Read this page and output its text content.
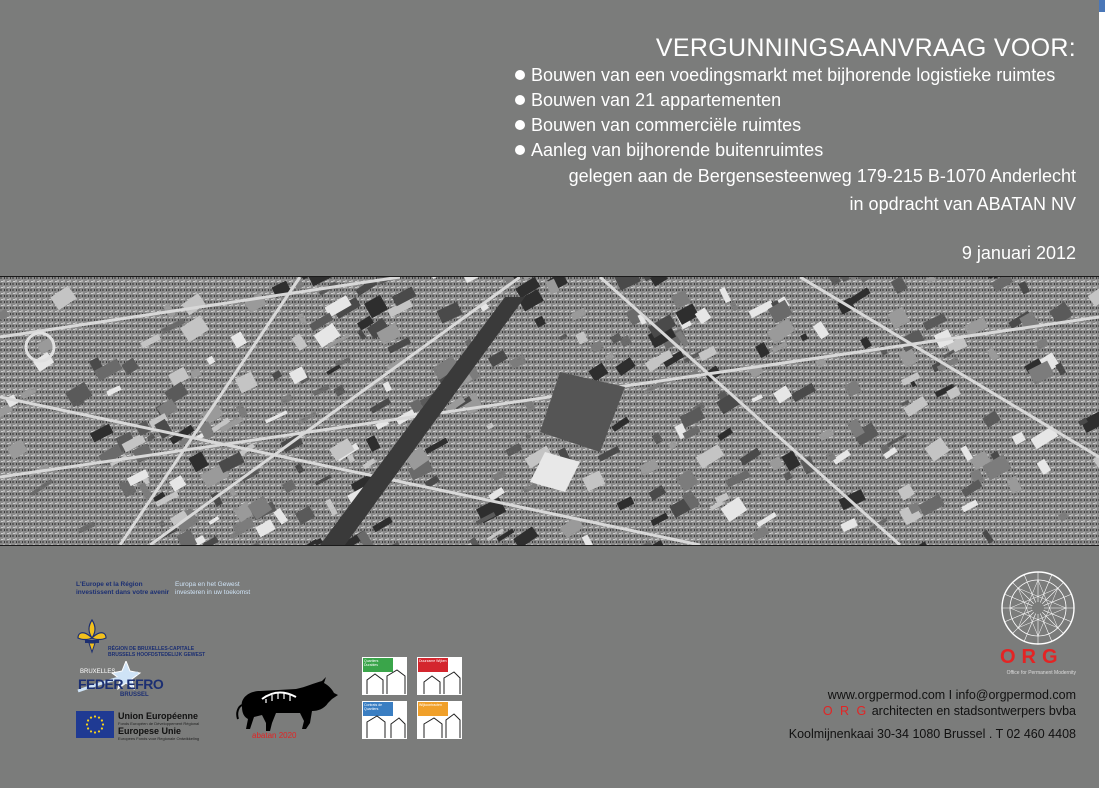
VERGUNNINGSAANVRAAG VOOR:
Bouwen van een voedingsmarkt met bijhorende logistieke ruimtes
Bouwen van 21 appartementen
Bouwen van commerciële ruimtes
Aanleg van bijhorende buitenruimtes
gelegen aan de Bergensesteenweg 179-215 B-1070 Anderlecht
in opdracht van ABATAN NV
9 januari 2012
L'Europe et la Région
investissent dans votre avenir Europa en het Gewest
investeren in uw toekomst
RÉGION DE BRUXELLES-CAPITALE
BRUSSELS HOOFDSTEDELIJK GEWEST
BRUXELLES
FEDER EFRO
BRUSSEL
Union Européenne
Fonds Européen de Développement Régional
Europese Unie
Europees Fonds voor Regionale Ontwikkeling	abatan 2020
Quartiers Durables
Duurzame Wijken
Contrats de Quartiers
Wijkcontracten
ORG
Office for Permanent Modernity
www.orgpermod.com I info@orgpermod.com
O R G architecten en stadsontwerpers bvba
Koolmijnenkaai 30-34 1080 Brussel . T 02 460 4408
